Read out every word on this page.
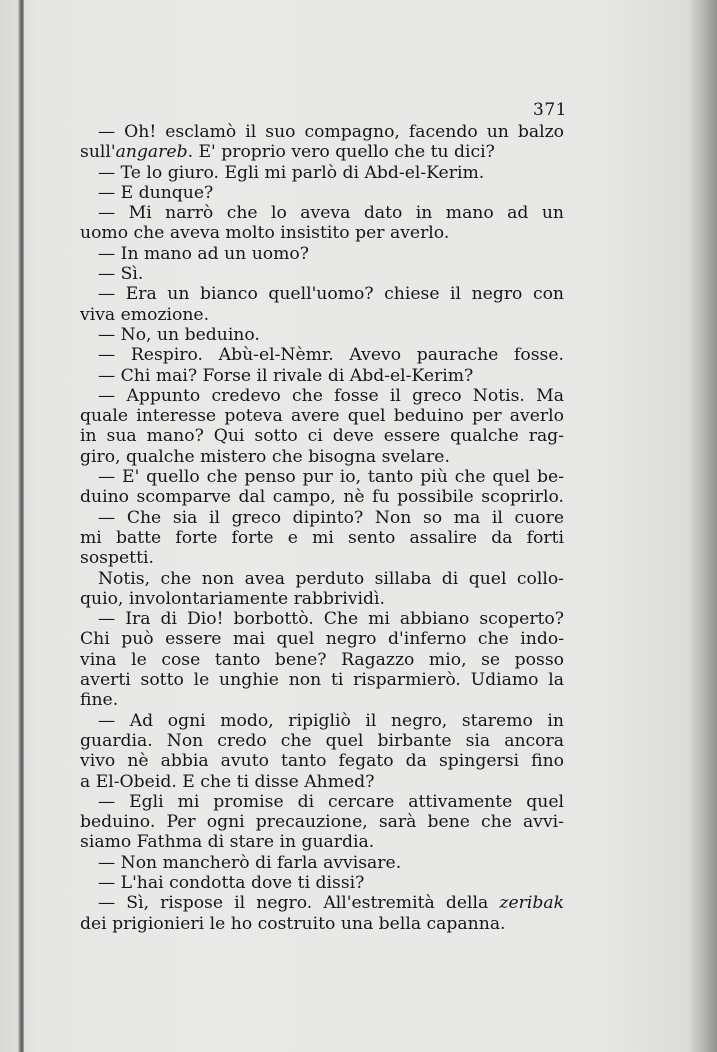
371
— Oh! esclamò il suo compagno, facendo un balzo
sull'angareb. E' proprio vero quello che tu dici?
— Te lo giuro. Egli mi parlò di Abd-el-Kerim.
— E dunque?
— Mi narrò che lo aveva dato in mano ad un
uomo che aveva molto insistito per averlo.
— In mano ad un uomo?
— Sì.
— Era un bianco quell'uomo? chiese il negro con
viva emozione.
— No, un beduino.
— Respiro. Abù-el-Nèmr. Avevo paurache fosse.
— Chi mai? Forse il rivale di Abd-el-Kerim?
— Appunto credevo che fosse il greco Notis. Ma
quale interesse poteva avere quel beduino per averlo
in sua mano? Qui sotto ci deve essere qualche rag-
giro, qualche mistero che bisogna svelare.
— E' quello che penso pur io, tanto più che quel be-
duino scomparve dal campo, nè fu possibile scoprirlo.
— Che sia il greco dipinto? Non so ma il cuore
mi batte forte forte e mi sento assalire da forti
sospetti.
Notis, che non avea perduto sillaba di quel collo-
quio, involontariamente rabbrividì.
— Ira di Dio! borbottò. Che mi abbiano scoperto?
Chi può essere mai quel negro d'inferno che indo-
vina le cose tanto bene? Ragazzo mio, se posso
averti sotto le unghie non ti risparmierò. Udiamo la
fine.
— Ad ogni modo, ripigliò il negro, staremo in
guardia. Non credo che quel birbante sia ancora
vivo nè abbia avuto tanto fegato da spingersi fino
a El-Obeid. E che ti disse Ahmed?
— Egli mi promise di cercare attivamente quel
beduino. Per ogni precauzione, sarà bene che avvi-
siamo Fathma di stare in guardia.
— Non mancherò di farla avvisare.
— L'hai condotta dove ti dissi?
— Sì, rispose il negro. All'estremità della zeribak
dei prigionieri le ho costruito una bella capanna.
